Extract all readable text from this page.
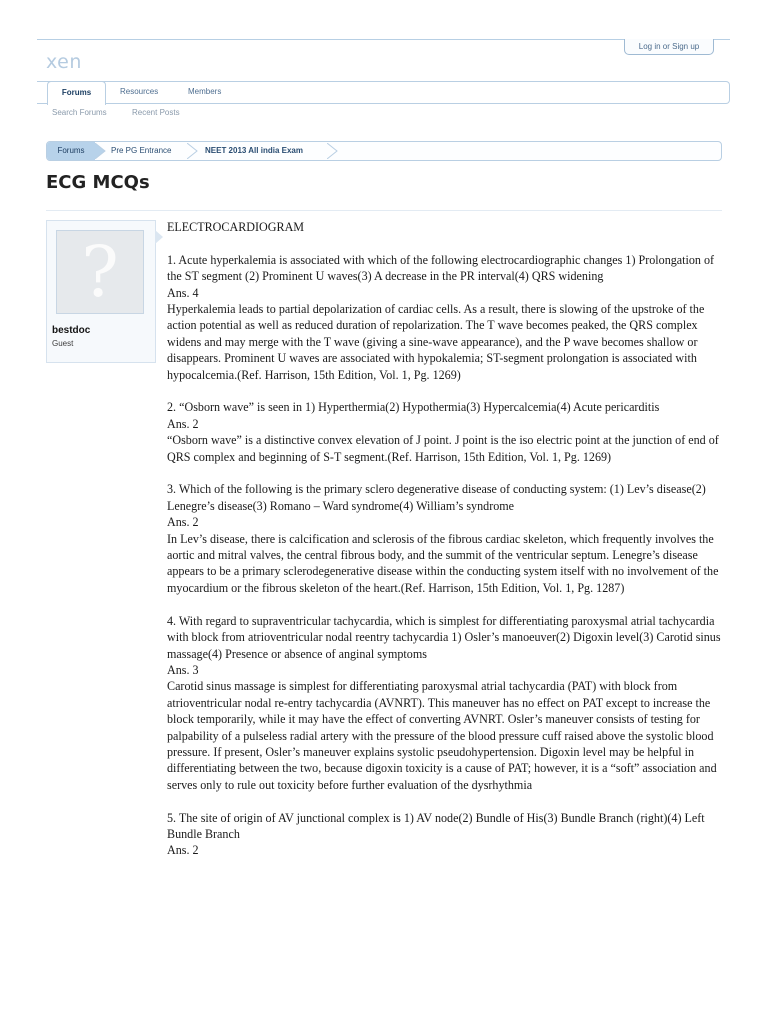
xen
Log in or Sign up
Forums	Resources	Members
Search Forums	Recent Posts
Forums	Pre PG Entrance	NEET 2013 All india Exam
ECG MCQs
?
bestdoc
Guest

ELECTROCARDIOGRAM

1. Acute hyperkalemia is associated with which of the following electrocardiographic changes 1) Prolongation of the ST segment (2) Prominent U waves(3) A decrease in the PR interval(4) QRS widening

Ans. 4

Hyperkalemia leads to partial depolarization of cardiac cells. As a result, there is slowing of the upstroke of the action potential as well as reduced duration of repolarization. The T wave becomes peaked, the QRS complex widens and may merge with the T wave (giving a sine-wave appearance), and the P wave becomes shallow or disappears. Prominent U waves are associated with hypokalemia; ST-segment prolongation is associated with hypocalcemia.(Ref. Harrison, 15th Edition, Vol. 1, Pg. 1269)

2. “Osborn wave” is seen in 1) Hyperthermia(2) Hypothermia(3) Hypercalcemia(4) Acute pericarditis

Ans. 2

“Osborn wave” is a distinctive convex elevation of J point. J point is the iso electric point at the junction of end of QRS complex and beginning of S-T segment.(Ref. Harrison, 15th Edition, Vol. 1, Pg. 1269)

3. Which of the following is the primary sclero degenerative disease of conducting system: (1) Lev’s disease(2) Lenegre’s disease(3) Romano – Ward syndrome(4) William’s syndrome

Ans. 2

In Lev’s disease, there is calcification and sclerosis of the fibrous cardiac skeleton, which frequently involves the aortic and mitral valves, the central fibrous body, and the summit of the ventricular septum. Lenegre’s disease appears to be a primary sclerodegenerative disease within the conducting system itself with no involvement of the myocardium or the fibrous skeleton of the heart.(Ref. Harrison, 15th Edition, Vol. 1, Pg. 1287)

4. With regard to supraventricular tachycardia, which is simplest for differentiating paroxysmal atrial tachycardia with block from atrioventricular nodal reentry tachycardia 1) Osler’s manoeuver(2) Digoxin level(3) Carotid sinus massage(4) Presence or absence of anginal symptoms

Ans. 3

Carotid sinus massage is simplest for differentiating paroxysmal atrial tachycardia (PAT) with block from atrioventricular nodal re-entry tachycardia (AVNRT). This maneuver has no effect on PAT except to increase the block temporarily, while it may have the effect of converting AVNRT. Osler’s maneuver consists of testing for palpability of a pulseless radial artery with the pressure of the blood pressure cuff raised above the systolic blood pressure. If present, Osler’s maneuver explains systolic pseudohypertension. Digoxin level may be helpful in differentiating between the two, because digoxin toxicity is a cause of PAT; however, it is a “soft” association and serves only to rule out toxicity before further evaluation of the dysrhythmia

5. The site of origin of AV junctional complex is 1) AV node(2) Bundle of His(3) Bundle Branch (right)(4) Left Bundle Branch

Ans. 2
